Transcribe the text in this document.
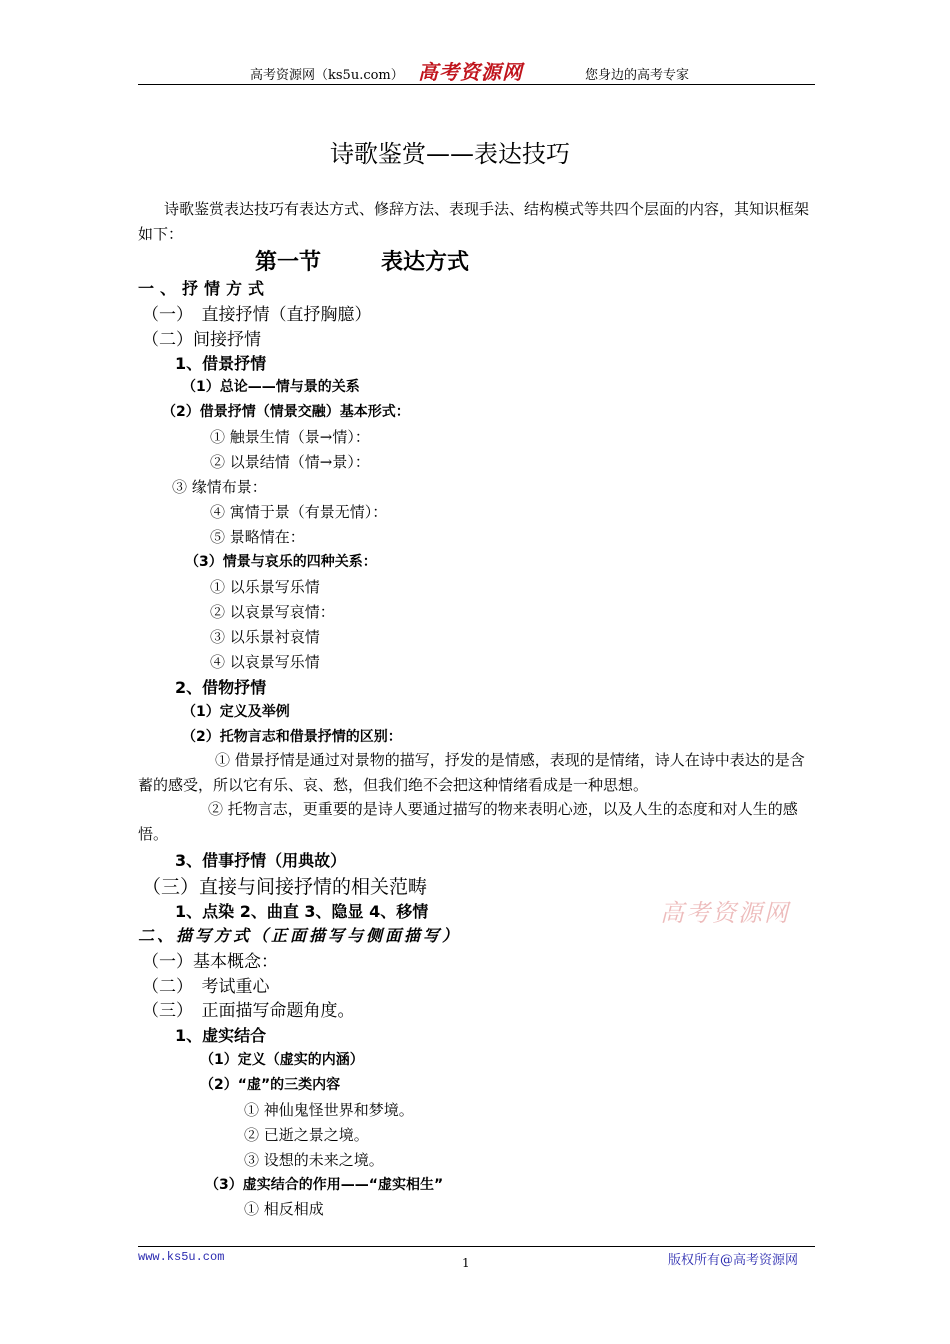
高考资源网（ks5u.com） 高考资源网	您身边的高考专家
诗歌鉴赏——表达技巧
诗歌鉴赏表达技巧有表达方式、修辞方法、表现手法、结构模式等共四个层面的内容，其知识框架如下：
第一节	表达方式
一、抒情方式
（一）　直接抒情（直抒胸臆）
（二）间接抒情
1、借景抒情
（1）总论——情与景的关系
（2）借景抒情（情景交融）基本形式：
① 触景生情（景→情）：
② 以景结情（情→景）：
③ 缘情布景：
④ 寓情于景（有景无情）：
⑤ 景略情在：
（3）情景与哀乐的四种关系：
① 以乐景写乐情
② 以哀景写哀情：
③ 以乐景衬哀情
④ 以哀景写乐情
2、借物抒情
（1）定义及举例
（2）托物言志和借景抒情的区别：
① 借景抒情是通过对景物的描写，抒发的是情感，表现的是情绪，诗人在诗中表达的是含蓄的感受，所以它有乐、哀、愁，但我们绝不会把这种情绪看成是一种思想。
② 托物言志，更重要的是诗人要通过描写的物来表明心迹，以及人生的态度和对人生的感悟。
3、借事抒情（用典故）
（三）直接与间接抒情的相关范畴
1、点染 2、曲直 3、隐显 4、移情
二、描写方式（正面描写与侧面描写）
（一）基本概念：
（二）　考试重心
（三）　正面描写命题角度。
1、虚实结合
（1）定义（虚实的内涵）
（2）“虚”的三类内容
① 神仙鬼怪世界和梦境。
② 已逝之景之境。
③ 设想的未来之境。
（3）虚实结合的作用——“虚实相生”
① 相反相成
高考资源网
www.ks5u.com	1	版权所有@高考资源网
